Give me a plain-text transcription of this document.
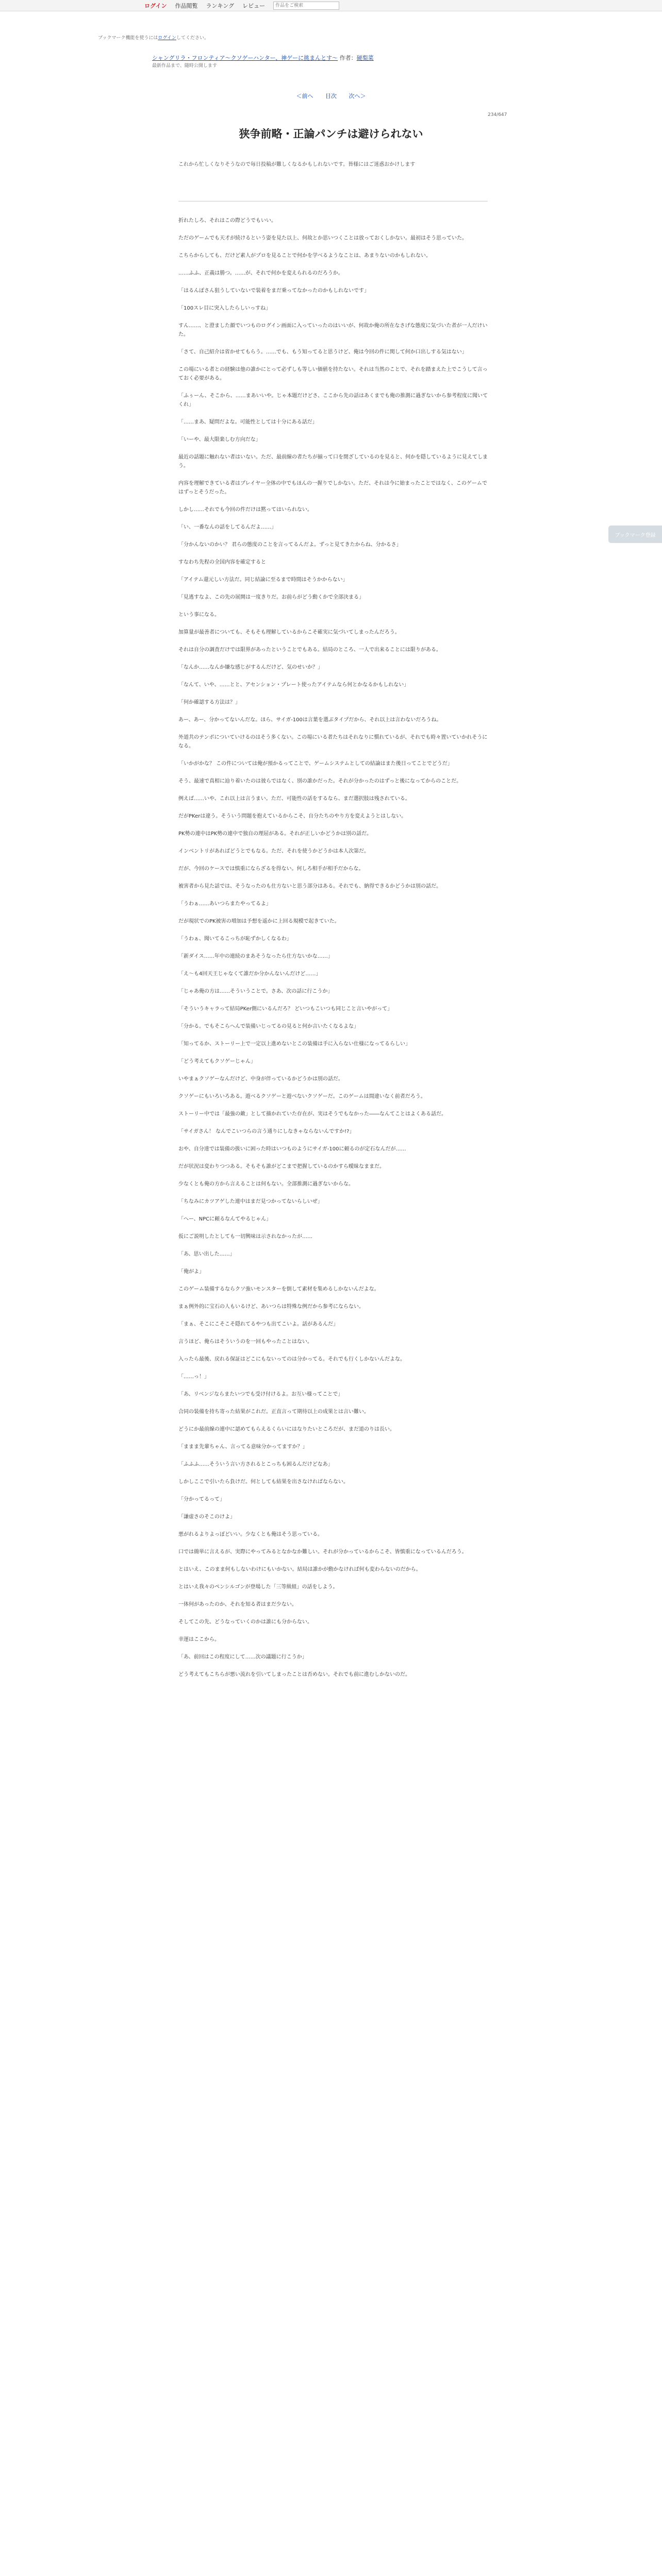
ログイン 作品閲覧 ランキング レビュー
作品をご検索
ブックマーク機能を使うにはログインしてください。
シャングリラ・フロンティア〜クソゲーハンター、神ゲーに挑まんとす〜 作者：硬梨菜
最新作品まで、随時公開します
＜前へ 目次 次へ＞
234/647
狭争前略・正論パンチは避けられない

これから忙しくなりそうなので毎日投稿が難しくなるかもしれないです。皆様にはご迷惑おかけします

折れたしろ、それはこの際どうでもいい。

ただのゲームでも天才が続けるという姿を見た以上、何故とか思いつくことは放っておくしかない。最初はそう思っていた。

こちらからしても、だけど素人がプロを見ることで何かを学べるようなことは、あまりないのかもしれない。

……ふふ、正義は勝つ。……が、それで何かを変えられるのだろうか。

「はるんぽさん狙うしていないで装着をまだ乗ってなかったのかもしれないです」

「100スレ目に突入したらしいっすね」

すん……、と澄ました顔でいつものログイン画面に入っていったのはいいが、何故か俺の所在なさげな態度に気づいた者が一人だけいた。

「さて、自己紹介は省かせてもらう。……でも、もう知ってると思うけど、俺は今回の件に関して何か口出しする気はない」

この場にいる者との経験は他の誰かにとって必ずしも等しい価値を持たない。それは当然のことで、それを踏まえた上でこうして言っておく必要がある。

「ふぅーん、そこから、……まあいいや。じゃ本題だけどさ、ここから先の話はあくまでも俺の推測に過ぎないから参考程度に聞いてくれ」

「……まあ、疑問だよな。可能性としては十分にある話だ」

「いーや、最大限楽しむ方向だな」

最近の話題に触れない者はいない。ただ、最前線の者たちが揃って口を閉ざしているのを見ると、何かを隠しているように見えてしまう。

内容を理解できている者はプレイヤー全体の中でもほんの一握りでしかない。ただ、それは今に始まったことではなく、このゲームではずっとそうだった。

しかし……それでも今回の件だけは黙ってはいられない。

「い、一番なんの話をしてるんだよ……」

「分かんないのかい？ 君らの態度のことを言ってるんだよ。ずっと見てきたからね、分かるさ」

すなわち先程の全国内容を確定すると

「アイテム還元しい方法だ。同じ結論に至るまで時間はそうかからない」

「見逃すなよ、この先の展開は一度きりだ。お前らがどう動くかで全部決まる」

という事になる。

加算量が最善者についても、そもそも理解しているからこそ確実に気づいてしまったんだろう。

それは自分の調査だけでは限界があったということでもある。結局のところ、一人で出来ることには限りがある。

「なんか……なんか嫌な感じがするんだけど、気のせいか？」

「なんて、いや、……とと、アセンション・プレート使ったアイテムなら何とかなるかもしれない」

「何か確認する方法は？」

あー、あー、分かってないんだな。ほら、サイガ-100は言葉を選ぶタイプだから、それ以上は言わないだろうね。

外道共のテンポについていけるのはそう多くない。この場にいる者たちはそれなりに慣れているが、それでも時々置いていかれそうになる。

「いかがかな？ この件については俺が預かるってことで、ゲームシステムとしての結論はまた後日ってことでどうだ」

そう、最速で真相に辿り着いたのは彼らではなく、別の誰かだった。それが分かったのはずっと後になってからのことだ。

例えば……いや、これ以上は言うまい。ただ、可能性の話をするなら、まだ選択肢は残されている。

だがPKerは違う。そういう問題を抱えているからこそ、自分たちのやり方を変えようとはしない。

PK勢の連中はPK勢の連中で独自の理屈がある。それが正しいかどうかは別の話だ。

インベントリがあればどうとでもなる。ただ、それを使うかどうかは本人次第だ。

だが、今回のケースでは慎重にならざるを得ない。何しろ相手が相手だからな。

被害者から見た話では、そうなったのも仕方ないと思う部分はある。それでも、納得できるかどうかは別の話だ。

「うわぁ……あいつらまたやってるよ」

だが現状でのPK被害の増加は予想を遥かに上回る規模で起きていた。

「うわぁ、聞いてるこっちが恥ずかしくなるわ」

「新ダイス……年中の連続のまあそうなったら仕方ないかな……」

「え〜も4回天王じゃなくて誰だか分かんないんだけど……」

「じゃあ俺の方は……そういうことで。さあ、次の話に行こうか」

「そういうキャラって結局PKer側にいるんだろ？ どいつもこいつも同じこと言いやがって」

「分かる。でもそこらへんで装備いじってるの見ると何か言いたくなるよな」

「知ってるか、ストーリー上で一定以上進めないとこの装備は手に入らない仕様になってるらしい」

「どう考えてもクソゲーじゃん」

いやまぁクソゲーなんだけど、中身が伴っているかどうかは別の話だ。

クソゲーにもいろいろある。遊べるクソゲーと遊べないクソゲーだ。このゲームは間違いなく前者だろう。

ストーリー中では「最強の敵」として描かれていた存在が、実はそうでもなかった――なんてことはよくある話だ。

「サイガさん！ なんでこいつらの言う通りにしなきゃならないんですか!?」

おや、自分達では装備の扱いに困った時はいつものようにサイガ-100に頼るのが定石なんだが……

だが状況は変わりつつある。そもそも誰がどこまで把握しているのかすら曖昧なままだ。

少なくとも俺の方から言えることは何もない。全部推測に過ぎないからな。

「ちなみにカツアゲした連中はまだ見つかってないらしいぜ」

「へー、NPCに頼るなんてやるじゃん」

仮にご説明したとしても一切興味は示されなかったが……

「あ、思い出した……」

「俺がよ」

このゲーム装備するならクソ強いモンスターを倒して素材を集めるしかないんだよな。

まぁ例外的に宝石の人もいるけど、あいつらは特殊な例だから参考にならない。

「まぁ、そこにこそこそ隠れてるやつも出てこいよ。話があるんだ」

言うほど、俺らはそういうのを一回もやったことはない。

入ったら最後、戻れる保証はどこにもないってのは分かってる。それでも行くしかないんだよな。

「……っ！」

「あ、リベンジならまたいつでも受け付けるよ。お互い様ってことで」

合同の装備を持ち寄った結果がこれだ。正直言って期待以上の成果とは言い難い。

どうにか最前線の連中に認めてもらえるくらいにはなりたいところだが、まだ道のりは長い。

「ままま先輩ちゃん、言ってる意味分かってますか？」

「ふふふ……そういう言い方されるとこっちも困るんだけどなあ」

しかしここで引いたら負けだ。何としても結果を出さなければならない。

「分かってるって」

「謙虚さのそこのけよ」

悪がれるよりよっぽどいい。少なくとも俺はそう思っている。

口では簡単に言えるが、実際にやってみるとなかなか難しい。それが分かっているからこそ、皆慎重になっているんだろう。

とはいえ、このまま何もしないわけにもいかない。結局は誰かが動かなければ何も変わらないのだから。

とはいえ我々のペンシルゴンが登場した「三等級組」の話をしよう。

一体何があったのか、それを知る者はまだ少ない。

そしてこの先、どうなっていくのかは誰にも分からない。

幸運はここから。

「あ、前回はこの程度にして……次の議題に行こうか」

どう考えてもこちらが悪い流れを引いてしまったことは否めない。それでも前に進むしかないのだ。

ブックマーク登録
